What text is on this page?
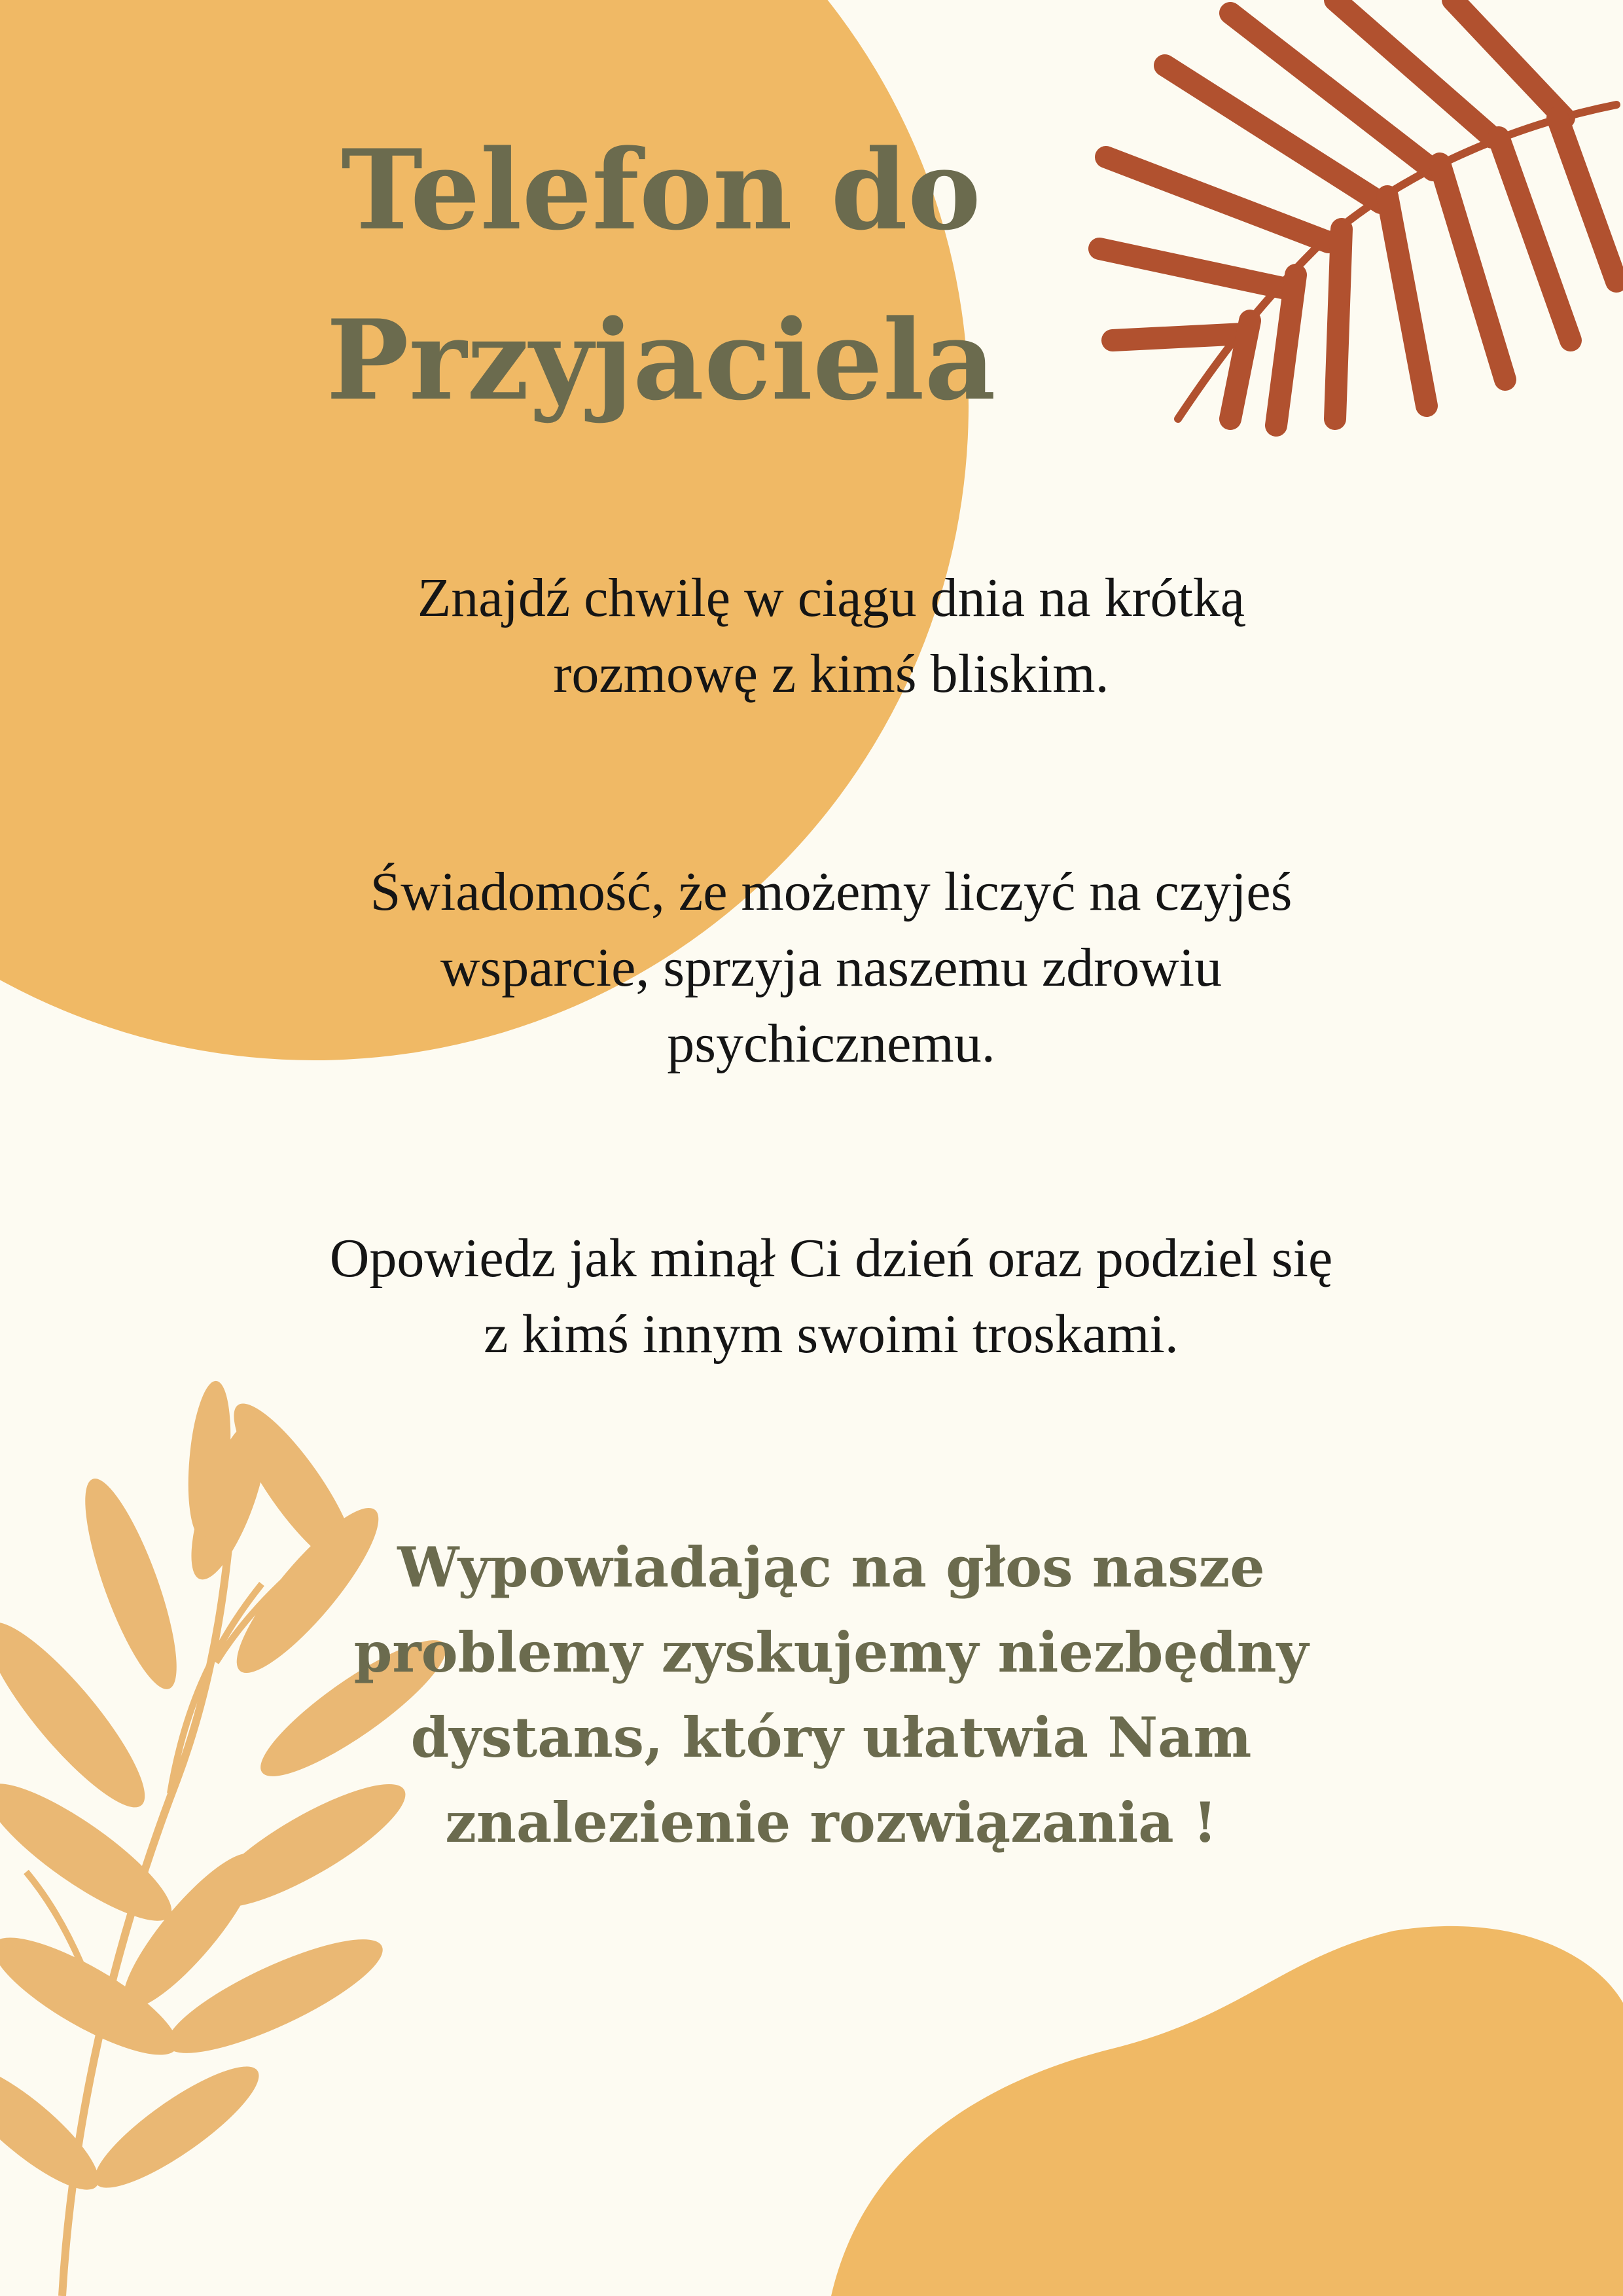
Telefon do
Przyjaciela

Znajdź chwilę w ciągu dnia na krótką
rozmowę z kimś bliskim.

Świadomość, że możemy liczyć na czyjeś
wsparcie, sprzyja naszemu zdrowiu
psychicznemu.

Opowiedz jak minął Ci dzień oraz podziel się
z kimś innym swoimi troskami.

Wypowiadając na głos nasze
problemy zyskujemy niezbędny
dystans, który ułatwia Nam
znalezienie rozwiązania !
